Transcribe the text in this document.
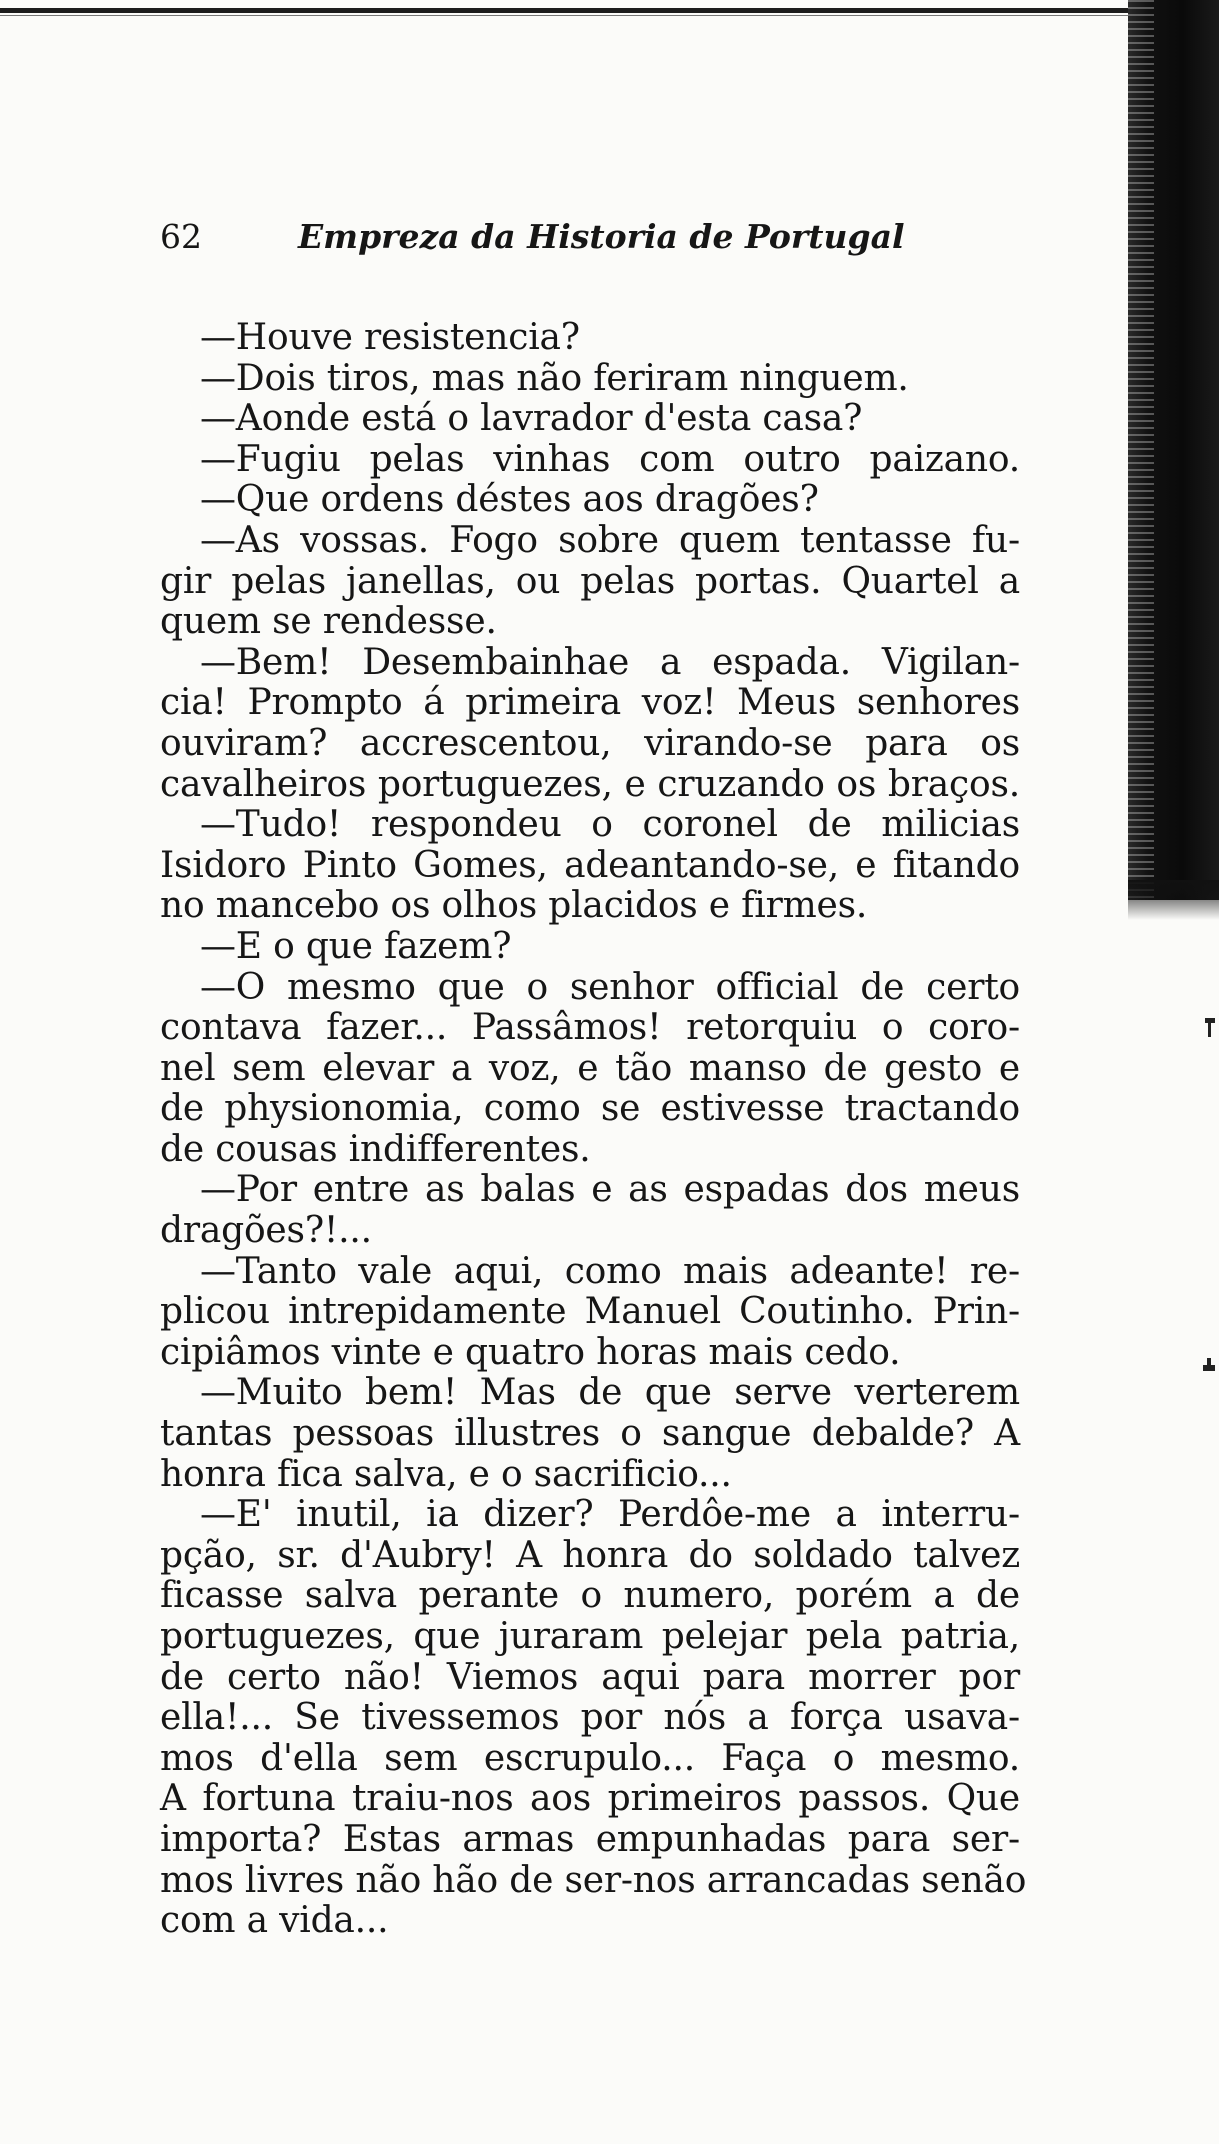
62	Empreza da Historia de Portugal
—Houve resistencia?
—Dois tiros, mas não feriram ninguem.
—Aonde está o lavrador d'esta casa?
—Fugiu pelas vinhas com outro paizano.
—Que ordens déstes aos dragões?
—As vossas. Fogo sobre quem tentasse fu-
gir pelas janellas, ou pelas portas. Quartel a
quem se rendesse.
—Bem! Desembainhae a espada. Vigilan-
cia! Prompto á primeira voz! Meus senhores
ouviram? accrescentou, virando-se para os
cavalheiros portuguezes, e cruzando os braços.
—Tudo! respondeu o coronel de milicias
Isidoro Pinto Gomes, adeantando-se, e fitando
no mancebo os olhos placidos e firmes.
—E o que fazem?
—O mesmo que o senhor official de certo
contava fazer... Passâmos! retorquiu o coro-
nel sem elevar a voz, e tão manso de gesto e
de physionomia, como se estivesse tractando
de cousas indifferentes.
—Por entre as balas e as espadas dos meus
dragões?!...
—Tanto vale aqui, como mais adeante! re-
plicou intrepidamente Manuel Coutinho. Prin-
cipiâmos vinte e quatro horas mais cedo.
—Muito bem! Mas de que serve verterem
tantas pessoas illustres o sangue debalde? A
honra fica salva, e o sacrificio...
—E' inutil, ia dizer? Perdôe-me a interru-
pção, sr. d'Aubry! A honra do soldado talvez
ficasse salva perante o numero, porém a de
portuguezes, que juraram pelejar pela patria,
de certo não! Viemos aqui para morrer por
ella!... Se tivessemos por nós a força usava-
mos d'ella sem escrupulo... Faça o mesmo.
A fortuna traiu-nos aos primeiros passos. Que
importa? Estas armas empunhadas para ser-
mos livres não hão de ser-nos arrancadas senão
com a vida...
